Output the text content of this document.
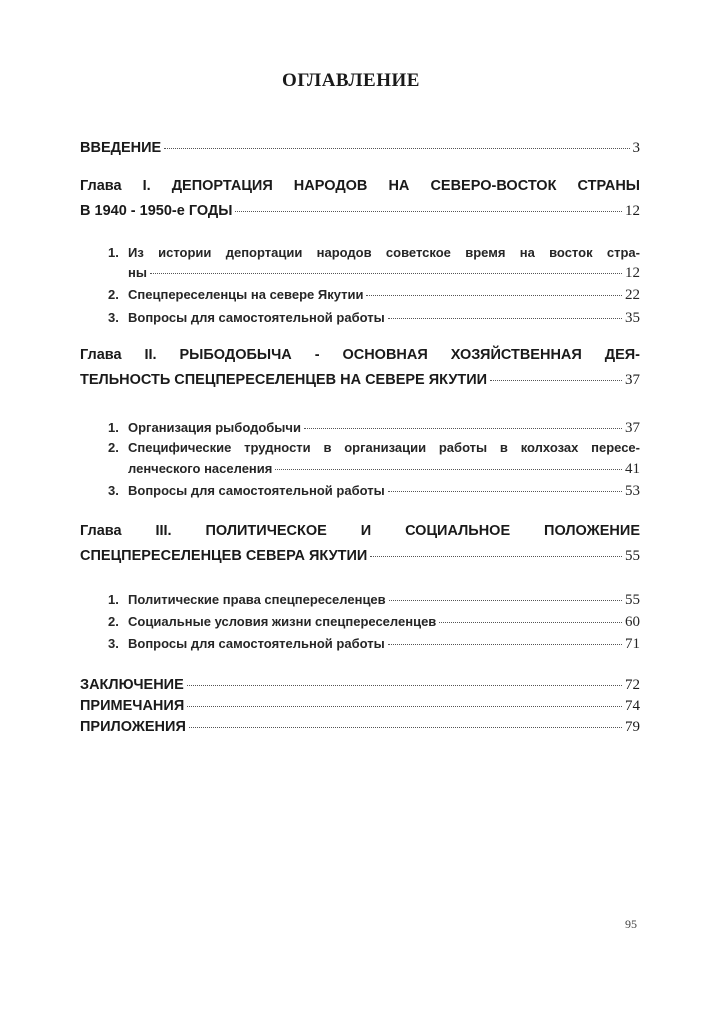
ОГЛАВЛЕНИЕ
ВВЕДЕНИЕ	3
Глава I. ДЕПОРТАЦИЯ НАРОДОВ НА СЕВЕРО-ВОСТОК СТРАНЫ
В 1940 - 1950-е ГОДЫ	12
1. Из истории депортации народов советское время на восток стра-
ны	12
2. Спецпереселенцы на севере Якутии	22
3. Вопросы для самостоятельной работы	35
Глава II. РЫБОДОБЫЧА - ОСНОВНАЯ ХОЗЯЙСТВЕННАЯ ДЕЯ-
ТЕЛЬНОСТЬ СПЕЦПЕРЕСЕЛЕНЦЕВ НА СЕВЕРЕ ЯКУТИИ	37
1. Организация рыбодобычи	37
2. Специфические трудности в организации работы в колхозах пересе-
ленческого населения	41
3. Вопросы для самостоятельной работы	53
Глава III. ПОЛИТИЧЕСКОЕ И СОЦИАЛЬНОЕ ПОЛОЖЕНИЕ
СПЕЦПЕРЕСЕЛЕНЦЕВ СЕВЕРА ЯКУТИИ	55
1. Политические права спецпереселенцев	55
2. Социальные условия жизни спецпереселенцев	60
3. Вопросы для самостоятельной работы	71
ЗАКЛЮЧЕНИЕ	72
ПРИМЕЧАНИЯ	74
ПРИЛОЖЕНИЯ	79
95
